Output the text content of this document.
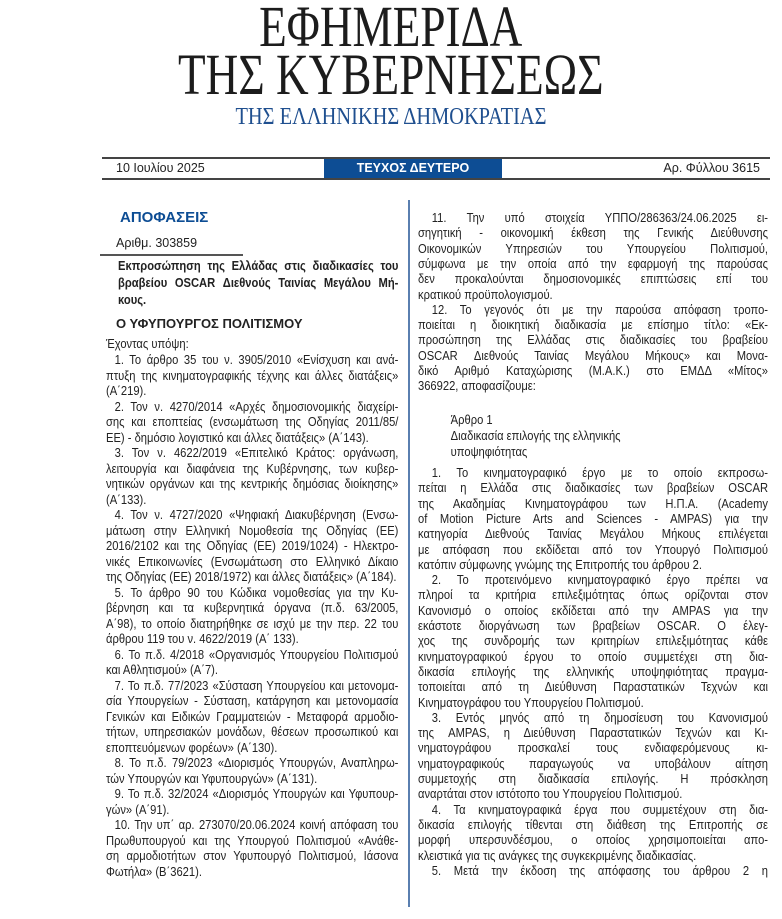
ΕΦΗΜΕΡΙΔΑ
ΤΗΣ ΚΥΒΕΡΝΗΣΕΩΣ
ΤΗΣ ΕΛΛΗΝΙΚΗΣ ΔΗΜΟΚΡΑΤΙΑΣ
10 Ιουλίου 2025	ΤΕΥΧΟΣ ΔΕΥΤΕΡΟ	Αρ. Φύλλου 3615
ΑΠΟΦΑΣΕΙΣ
Αριθμ. 303859
Ο ΥΦΥΠΟΥΡΓΟΣ ΠΟΛΙΤΙΣΜΟΥ
Εκπροσώπηση της Ελλάδας στις διαδικασίες του
βραβείου OSCAR Διεθνούς Ταινίας Μεγάλου Μή-
κους.
Έχοντας υπόψη:
1. Το άρθρο 35 του ν. 3905/2010 «Ενίσχυση και ανά-
πτυξη της κινηματογραφικής τέχνης και άλλες διατάξεις»
(Α΄219).
2. Τον ν. 4270/2014 «Αρχές δημοσιονομικής διαχείρι-
σης και εποπτείας (ενσωμάτωση της Οδηγίας 2011/85/
ΕΕ) - δημόσιο λογιστικό και άλλες διατάξεις» (Α΄143).
3. Τον ν. 4622/2019 «Επιτελικό Κράτος: οργάνωση,
λειτουργία και διαφάνεια της Κυβέρνησης, των κυβερ-
νητικών οργάνων και της κεντρικής δημόσιας διοίκησης»
(Α΄133).
4. Τον ν. 4727/2020 «Ψηφιακή Διακυβέρνηση (Ενσω-
μάτωση στην Ελληνική Νομοθεσία της Οδηγίας (ΕΕ)
2016/2102 και της Οδηγίας (ΕΕ) 2019/1024) - Ηλεκτρο-
νικές Επικοινωνίες (Ενσωμάτωση στο Ελληνικό Δίκαιο
της Οδηγίας (ΕΕ) 2018/1972) και άλλες διατάξεις» (Α΄184).
5. Το άρθρο 90 του Κώδικα νομοθεσίας για την Κυ-
βέρνηση και τα κυβερνητικά όργανα (π.δ. 63/2005,
Α΄98), το οποίο διατηρήθηκε σε ισχύ με την περ. 22 του
άρθρου 119 του ν. 4622/2019 (Α΄ 133).
6. Το π.δ. 4/2018 «Οργανισμός Υπουργείου Πολιτισμού
και Αθλητισμού» (Α΄7).
7. Το π.δ. 77/2023 «Σύσταση Υπουργείου και μετονομα-
σία Υπουργείων - Σύσταση, κατάργηση και μετονομασία
Γενικών και Ειδικών Γραμματειών - Μεταφορά αρμοδιο-
τήτων, υπηρεσιακών μονάδων, θέσεων προσωπικού και
εποπτευόμενων φορέων» (Α΄130).
8. Το π.δ. 79/2023 «Διορισμός Υπουργών, Αναπληρω-
τών Υπουργών και Υφυπουργών» (Α΄131).
9. Το π.δ. 32/2024 «Διορισμός Υπουργών και Υφυπουρ-
γών» (Α΄91).
10. Την υπ΄ αρ. 273070/20.06.2024 κοινή απόφαση του
Πρωθυπουργού και της Υπουργού Πολιτισμού «Ανάθε-
ση αρμοδιοτήτων στον Υφυπουργό Πολιτισμού, Ιάσονα
Φωτήλα» (Β΄3621).
11. Την υπό στοιχεία ΥΠΠΟ/286363/24.06.2025 ει-
σηγητική - οικονομική έκθεση της Γενικής Διεύθυνσης
Οικονομικών Υπηρεσιών του Υπουργείου Πολιτισμού,
σύμφωνα με την οποία από την εφαρμογή της παρούσας
δεν προκαλούνται δημοσιονομικές επιπτώσεις επί του
κρατικού προϋπολογισμού.
12. Το γεγονός ότι με την παρούσα απόφαση τροπο-
ποιείται η διοικητική διαδικασία με επίσημο τίτλο: «Εκ-
προσώπηση της Ελλάδας στις διαδικασίες του βραβείου
OSCAR Διεθνούς Ταινίας Μεγάλου Μήκους» και Μονα-
δικό Αριθμό Καταχώρισης (Μ.Α.Κ.) στο ΕΜΔΔ «Μίτος»
366922, αποφασίζουμε:
Άρθρο 1
Διαδικασία επιλογής της ελληνικής
υποψηφιότητας
1. Το κινηματογραφικό έργο με το οποίο εκπροσω-
πείται η Ελλάδα στις διαδικασίες των βραβείων OSCAR
της Ακαδημίας Κινηματογράφου των Η.Π.Α. (Academy
of Motion Picture Arts and Sciences - AMPAS) για την
κατηγορία Διεθνούς Ταινίας Μεγάλου Μήκους επιλέγεται
με απόφαση που εκδίδεται από τον Υπουργό Πολιτισμού
κατόπιν σύμφωνης γνώμης της Επιτροπής του άρθρου 2.
2. Το προτεινόμενο κινηματογραφικό έργο πρέπει να
πληροί τα κριτήρια επιλεξιμότητας όπως ορίζονται στον
Κανονισμό ο οποίος εκδίδεται από την AMPAS για την
εκάστοτε διοργάνωση των βραβείων OSCAR. Ο έλεγ-
χος της συνδρομής των κριτηρίων επιλεξιμότητας κάθε
κινηματογραφικού έργου το οποίο συμμετέχει στη δια-
δικασία επιλογής της ελληνικής υποψηφιότητας πραγμα-
τοποιείται από τη Διεύθυνση Παραστατικών Τεχνών και
Κινηματογράφου του Υπουργείου Πολιτισμού.
3. Εντός μηνός από τη δημοσίευση του Κανονισμού
της AMPAS, η Διεύθυνση Παραστατικών Τεχνών και Κι-
νηματογράφου προσκαλεί τους ενδιαφερόμενους κι-
νηματογραφικούς παραγωγούς να υποβάλουν αίτηση
συμμετοχής στη διαδικασία επιλογής. Η πρόσκληση
αναρτάται στον ιστότοπο του Υπουργείου Πολιτισμού.
4. Τα κινηματογραφικά έργα που συμμετέχουν στη δια-
δικασία επιλογής τίθενται στη διάθεση της Επιτροπής σε
μορφή υπερσυνδέσμου, ο οποίος χρησιμοποιείται απο-
κλειστικά για τις ανάγκες της συγκεκριμένης διαδικασίας.
5. Μετά την έκδοση της απόφασης του άρθρου 2 η
